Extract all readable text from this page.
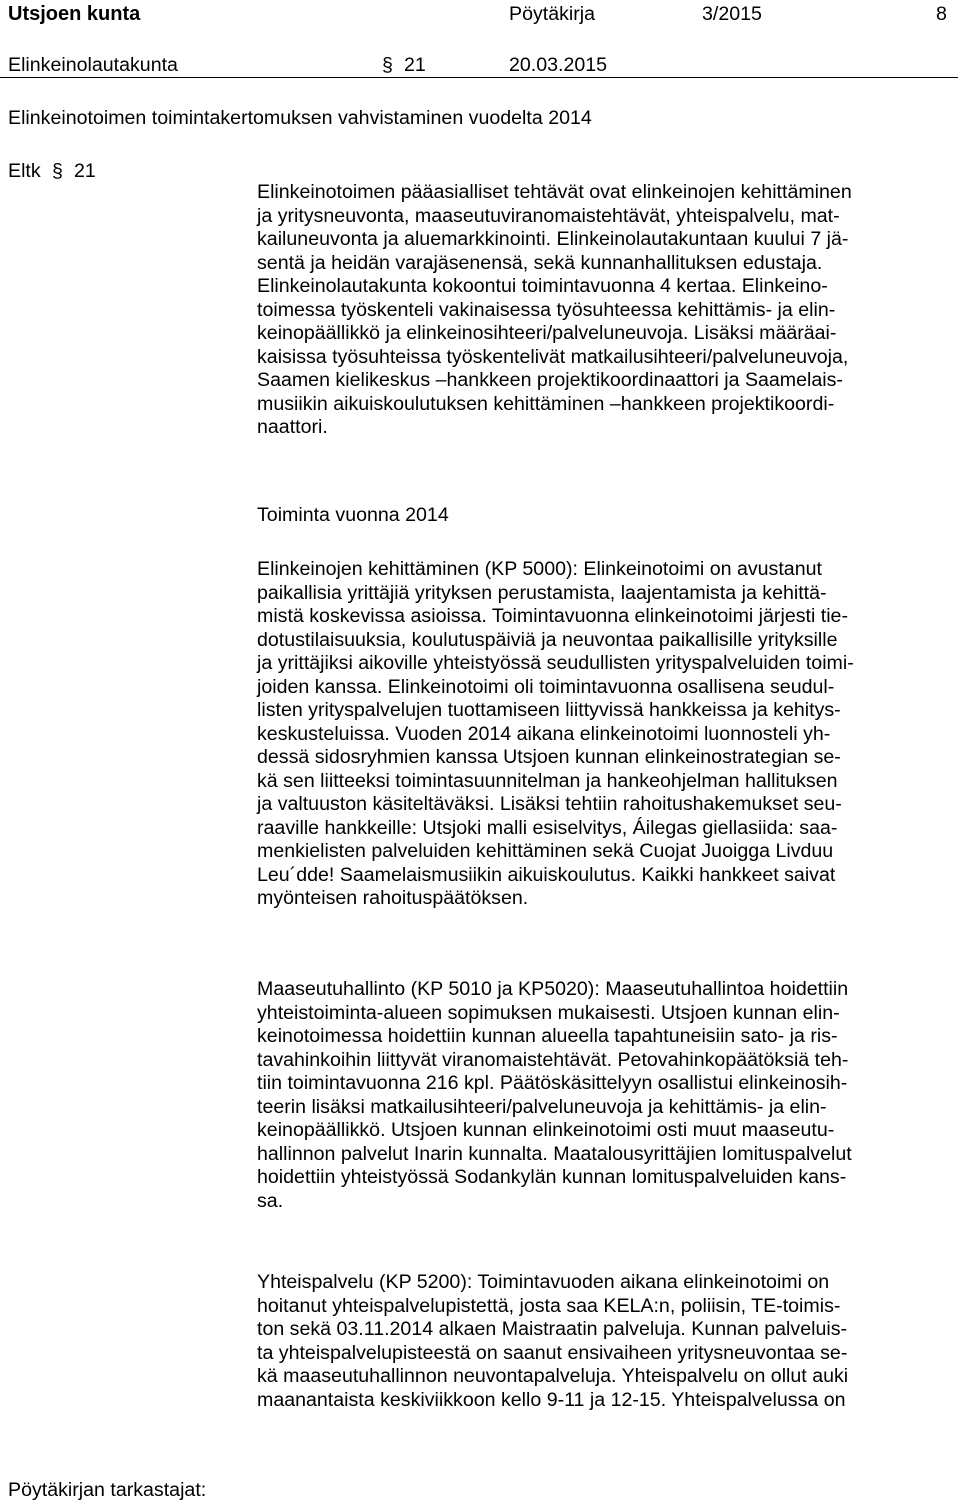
Utsjoen kunta	Pöytäkirja	3/2015	8
Elinkeinolautakunta	§ 21	20.03.2015
Elinkeinotoimen toimintakertomuksen vahvistaminen vuodelta 2014
Eltk § 21
Elinkeinotoimen pääasialliset tehtävät ovat elinkeinojen kehittäminen
ja yritysneuvonta, maaseutuviranomaistehtävät, yhteispalvelu, mat-
kailuneuvonta ja aluemarkkinointi. Elinkeinolautakuntaan kuului 7 jä-
sentä ja heidän varajäsenensä, sekä kunnanhallituksen edustaja.
Elinkeinolautakunta kokoontui toimintavuonna 4 kertaa. Elinkeino-
toimessa työskenteli vakinaisessa työsuhteessa kehittämis- ja elin-
keinopäällikkö ja elinkeinosihteeri/palveluneuvoja. Lisäksi määräai-
kaisissa työsuhteissa työskentelivät matkailusihteeri/palveluneuvoja,
Saamen kielikeskus –hankkeen projektikoordinaattori ja Saamelais-
musiikin aikuiskoulutuksen kehittäminen –hankkeen projektikoordi-
naattori.
Toiminta vuonna 2014
Elinkeinojen kehittäminen (KP 5000): Elinkeinotoimi on avustanut
paikallisia yrittäjiä yrityksen perustamista, laajentamista ja kehittä-
mistä koskevissa asioissa. Toimintavuonna elinkeinotoimi järjesti tie-
dotustilaisuuksia, koulutuspäiviä ja neuvontaa paikallisille yrityksille
ja yrittäjiksi aikoville yhteistyössä seudullisten yrityspalveluiden toimi-
joiden kanssa. Elinkeinotoimi oli toimintavuonna osallisena seudul-
listen yrityspalvelujen tuottamiseen liittyvissä hankkeissa ja kehitys-
keskusteluissa. Vuoden 2014 aikana elinkeinotoimi luonnosteli yh-
dessä sidosryhmien kanssa Utsjoen kunnan elinkeinostrategian se-
kä sen liitteeksi toimintasuunnitelman ja hankeohjelman hallituksen
ja valtuuston käsiteltäväksi. Lisäksi tehtiin rahoitushakemukset seu-
raaville hankkeille: Utsjoki malli esiselvitys, Áilegas giellasiida: saa-
menkielisten palveluiden kehittäminen sekä Cuojat Juoigga Livduu
Leu´dde! Saamelaismusiikin aikuiskoulutus. Kaikki hankkeet saivat
myönteisen rahoituspäätöksen.
Maaseutuhallinto (KP 5010 ja KP5020): Maaseutuhallintoa hoidettiin
yhteistoiminta-alueen sopimuksen mukaisesti. Utsjoen kunnan elin-
keinotoimessa hoidettiin kunnan alueella tapahtuneisiin sato- ja ris-
tavahinkoihin liittyvät viranomaistehtävät. Petovahinkopäätöksiä teh-
tiin toimintavuonna 216 kpl. Päätöskäsittelyyn osallistui elinkeinosih-
teerin lisäksi matkailusihteeri/palveluneuvoja ja kehittämis- ja elin-
keinopäällikkö. Utsjoen kunnan elinkeinotoimi osti muut maaseutu-
hallinnon palvelut Inarin kunnalta. Maatalousyrittäjien lomituspalvelut
hoidettiin yhteistyössä Sodankylän kunnan lomituspalveluiden kans-
sa.
Yhteispalvelu (KP 5200): Toimintavuoden aikana elinkeinotoimi on
hoitanut yhteispalvelupistettä, josta saa KELA:n, poliisin, TE-toimis-
ton sekä 03.11.2014 alkaen Maistraatin palveluja. Kunnan palveluis-
ta yhteispalvelupisteestä on saanut ensivaiheen yritysneuvontaa se-
kä maaseutuhallinnon neuvontapalveluja. Yhteispalvelu on ollut auki
maanantaista keskiviikkoon kello 9-11 ja 12-15. Yhteispalvelussa on
Pöytäkirjan tarkastajat:
